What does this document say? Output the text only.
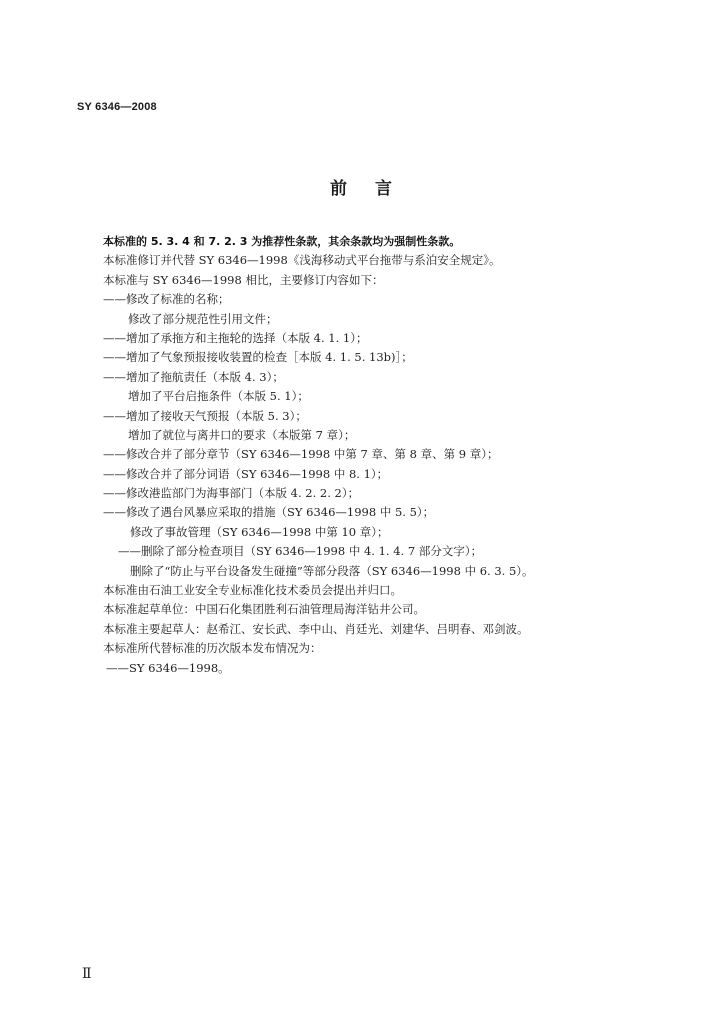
SY 6346—2008
前言
本标准的 5. 3. 4 和 7. 2. 3 为推荐性条款，其余条款均为强制性条款。
本标准修订并代替 SY 6346—1998《浅海移动式平台拖带与系泊安全规定》。
本标准与 SY 6346—1998 相比，主要修订内容如下：
——修改了标准的名称；
修改了部分规范性引用文件；
——增加了承拖方和主拖轮的选择（本版 4. 1. 1）；
——增加了气象预报接收装置的检查［本版 4. 1. 5. 13b)］；
——增加了拖航责任（本版 4. 3）；
增加了平台启拖条件（本版 5. 1）；
——增加了接收天气预报（本版 5. 3）；
增加了就位与离井口的要求（本版第 7 章）；
——修改合并了部分章节（SY 6346—1998 中第 7 章、第 8 章、第 9 章）；
——修改合并了部分词语（SY 6346—1998 中 8. 1）；
——修改港监部门为海事部门（本版 4. 2. 2. 2）；
——修改了遇台风暴应采取的措施（SY 6346—1998 中 5. 5）；
修改了事故管理（SY 6346—1998 中第 10 章）；
——删除了部分检查项目（SY 6346—1998 中 4. 1. 4. 7 部分文字）；
删除了“防止与平台设备发生碰撞”等部分段落（SY 6346—1998 中 6. 3. 5）。
本标准由石油工业安全专业标准化技术委员会提出并归口。
本标准起草单位：中国石化集团胜利石油管理局海洋钻井公司。
本标准主要起草人：赵希江、安长武、李中山、肖廷光、刘建华、吕明春、邓剑波。
本标准所代替标准的历次版本发布情况为：
——SY 6346—1998。
Ⅱ
